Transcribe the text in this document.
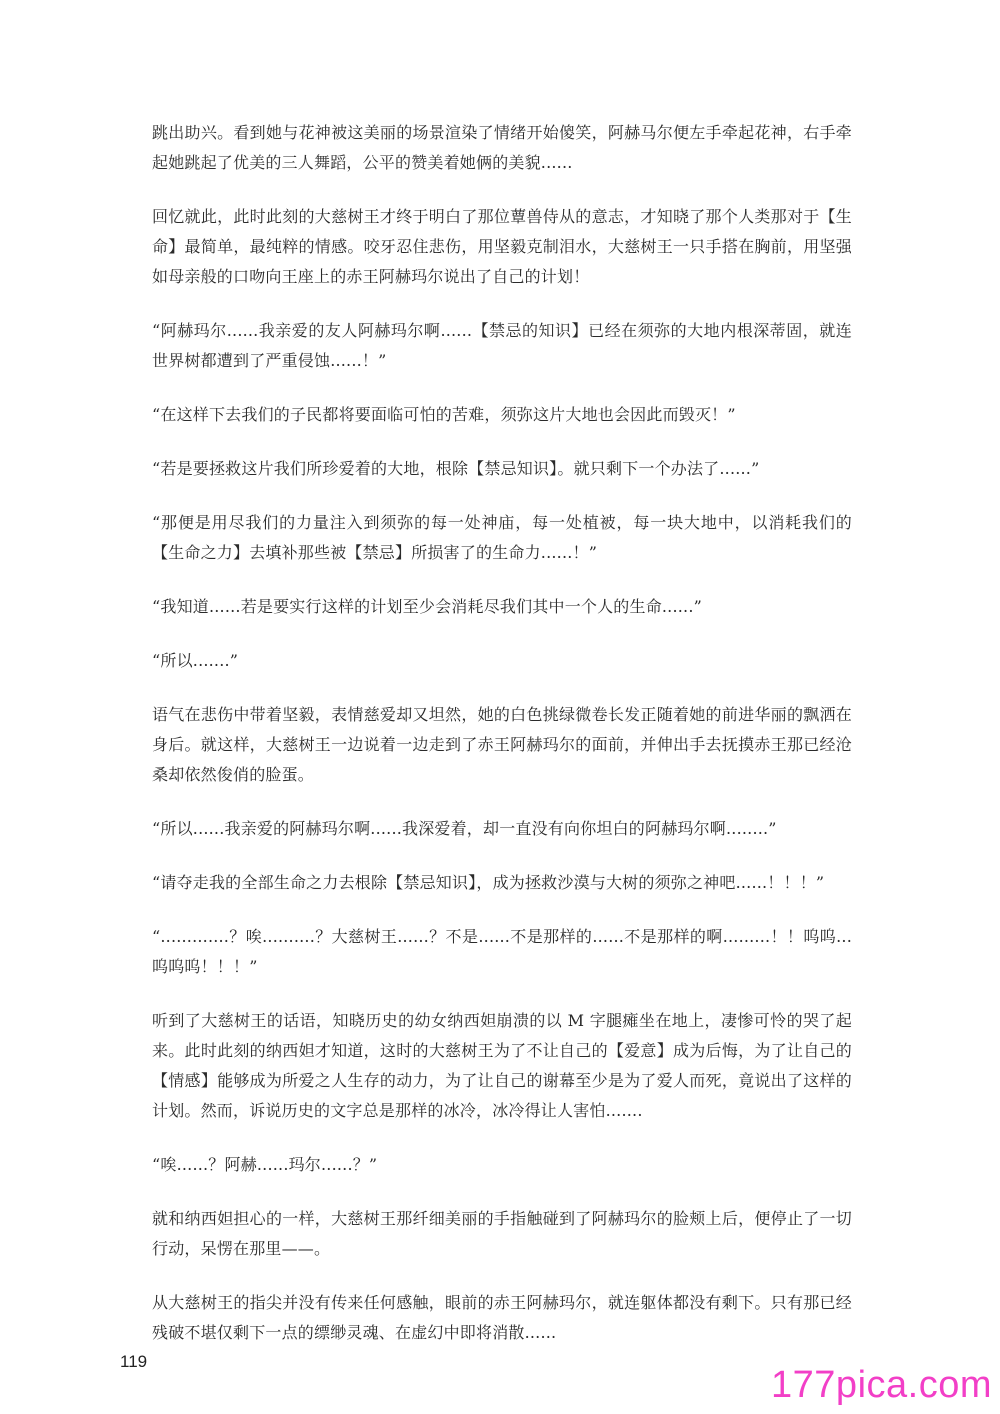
跳出助兴。看到她与花神被这美丽的场景渲染了情绪开始傻笑，阿赫马尔便左手牵起花神，右手牵起她跳起了优美的三人舞蹈，公平的赞美着她俩的美貌......

回忆就此，此时此刻的大慈树王才终于明白了那位蕈兽侍从的意志，才知晓了那个人类那对于【生命】最简单，最纯粹的情感。咬牙忍住悲伤，用坚毅克制泪水，大慈树王一只手搭在胸前，用坚强如母亲般的口吻向王座上的赤王阿赫玛尔说出了自己的计划！

“阿赫玛尔......我亲爱的友人阿赫玛尔啊......【禁忌的知识】已经在须弥的大地内根深蒂固，就连世界树都遭到了严重侵蚀......！”

“在这样下去我们的子民都将要面临可怕的苦难，须弥这片大地也会因此而毁灭！”

“若是要拯救这片我们所珍爱着的大地，根除【禁忌知识】。就只剩下一个办法了......”

“那便是用尽我们的力量注入到须弥的每一处神庙，每一处植被，每一块大地中，以消耗我们的【生命之力】去填补那些被【禁忌】所损害了的生命力......！”

“我知道......若是要实行这样的计划至少会消耗尽我们其中一个人的生命......”

“所以.......”

语气在悲伤中带着坚毅，表情慈爱却又坦然，她的白色挑绿微卷长发正随着她的前进华丽的飘洒在身后。就这样，大慈树王一边说着一边走到了赤王阿赫玛尔的面前，并伸出手去抚摸赤王那已经沧桑却依然俊俏的脸蛋。

“所以......我亲爱的阿赫玛尔啊......我深爱着，却一直没有向你坦白的阿赫玛尔啊........”

“请夺走我的全部生命之力去根除【禁忌知识】，成为拯救沙漠与大树的须弥之神吧......！！！”

“.............？唉..........？大慈树王......？不是......不是那样的......不是那样的啊.........！！呜呜...呜呜呜！！！”

听到了大慈树王的话语，知晓历史的幼女纳西妲崩溃的以 M 字腿瘫坐在地上，凄惨可怜的哭了起来。此时此刻的纳西妲才知道，这时的大慈树王为了不让自己的【爱意】成为后悔，为了让自己的【情感】能够成为所爱之人生存的动力，为了让自己的谢幕至少是为了爱人而死，竟说出了这样的计划。然而，诉说历史的文字总是那样的冰冷，冰冷得让人害怕.......

“唉......？阿赫......玛尔......？”

就和纳西妲担心的一样，大慈树王那纤细美丽的手指触碰到了阿赫玛尔的脸颊上后，便停止了一切行动，呆愣在那里——。

从大慈树王的指尖并没有传来任何感触，眼前的赤王阿赫玛尔，就连躯体都没有剩下。只有那已经残破不堪仅剩下一点的缥缈灵魂、在虚幻中即将消散......

119
177pica.com
